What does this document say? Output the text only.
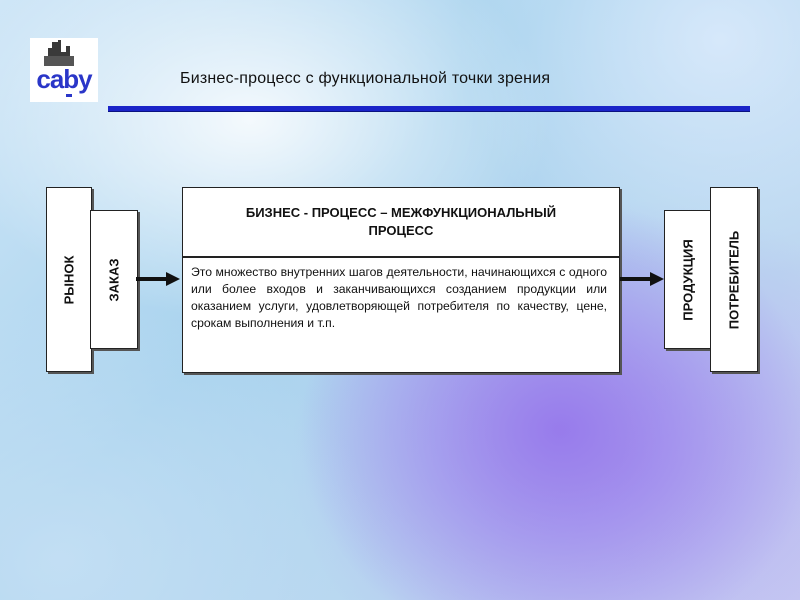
caby	Бизнес-процесс с функциональной точки зрения
РЫНОК ЗАКАЗ
БИЗНЕС - ПРОЦЕСС – МЕЖФУНКЦИОНАЛЬНЫЙ ПРОЦЕСС
Это множество внутренних шагов деятельности, начинающихся с одного или более входов и заканчивающихся созданием продукции или оказанием услуги, удовлетворяющей потребителя по качеству, цене, срокам выполнения и т.п.
ПРОДУКЦИЯ ПОТРЕБИТЕЛЬ
